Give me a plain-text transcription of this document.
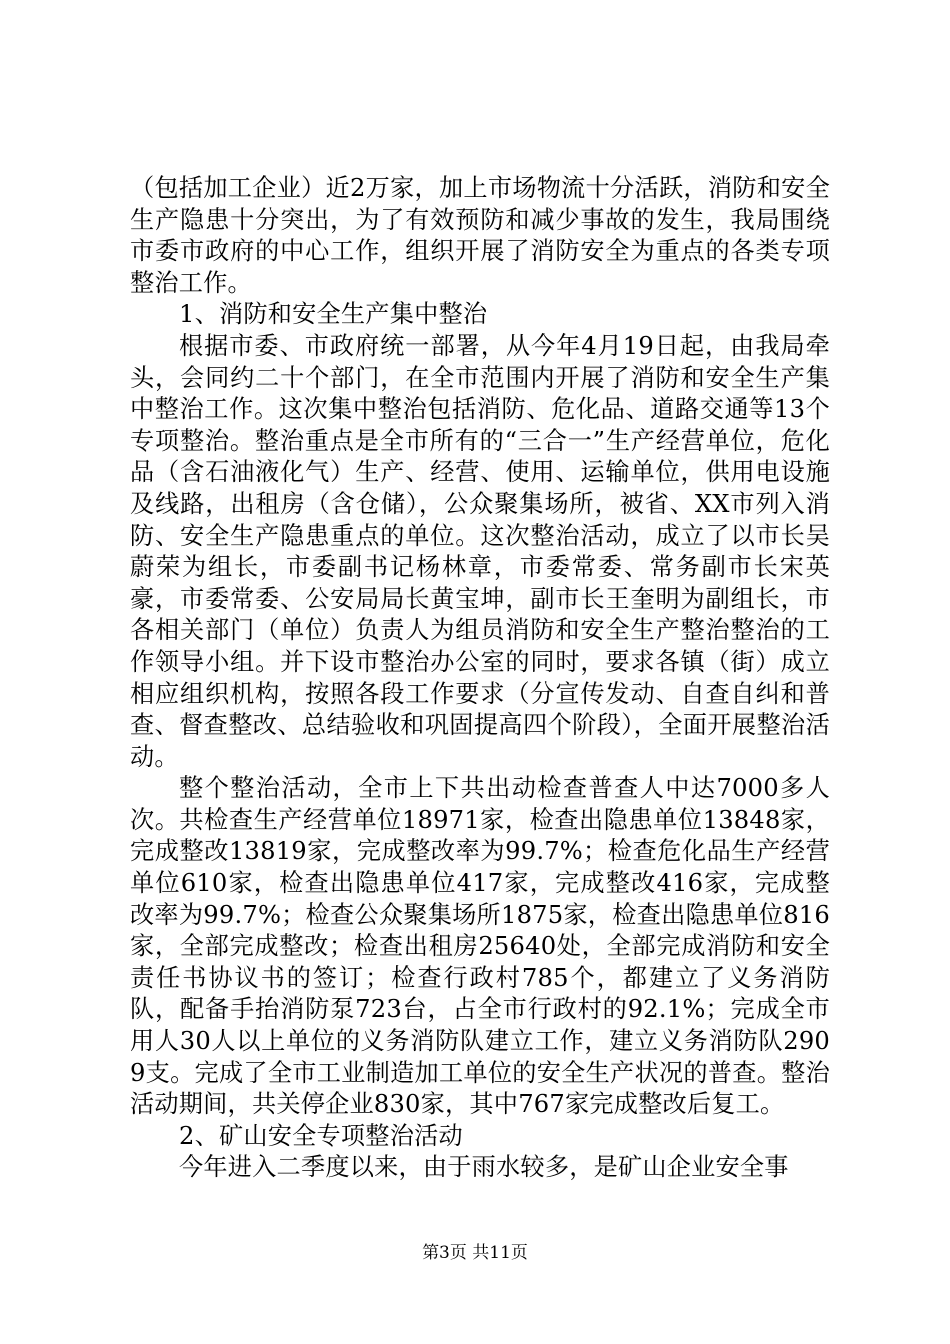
（包括加工企业）近2万家，加上市场物流十分活跃，消防和安全生产隐患十分突出，为了有效预防和减少事故的发生，我局围绕市委市政府的中心工作，组织开展了消防安全为重点的各类专项整治工作。

1、消防和安全生产集中整治

根据市委、市政府统一部署，从今年4月19日起，由我局牵头，会同约二十个部门，在全市范围内开展了消防和安全生产集中整治工作。这次集中整治包括消防、危化品、道路交通等13个专项整治。整治重点是全市所有的“三合一”生产经营单位，危化品（含石油液化气）生产、经营、使用、运输单位，供用电设施及线路，出租房（含仓储），公众聚集场所，被省、XX市列入消防、安全生产隐患重点的单位。这次整治活动，成立了以市长吴蔚荣为组长，市委副书记杨林章，市委常委、常务副市长宋英豪，市委常委、公安局局长黄宝坤，副市长王奎明为副组长，市各相关部门（单位）负责人为组员消防和安全生产整治整治的工作领导小组。并下设市整治办公室的同时，要求各镇（街）成立相应组织机构，按照各段工作要求（分宣传发动、自查自纠和普查、督查整改、总结验收和巩固提高四个阶段），全面开展整治活动。

整个整治活动，全市上下共出动检查普查人中达7000多人次。共检查生产经营单位18971家，检查出隐患单位13848家，完成整改13819家，完成整改率为99.7%；检查危化品生产经营单位610家，检查出隐患单位417家，完成整改416家，完成整改率为99.7%；检查公众聚集场所1875家，检查出隐患单位816家，全部完成整改；检查出租房25640处，全部完成消防和安全责任书协议书的签订；检查行政村785个，都建立了义务消防队，配备手抬消防泵723台，占全市行政村的92.1%；完成全市用人30人以上单位的义务消防队建立工作，建立义务消防队2909支。完成了全市工业制造加工单位的安全生产状况的普查。整治活动期间，共关停企业830家，其中767家完成整改后复工。

2、矿山安全专项整治活动

今年进入二季度以来，由于雨水较多，是矿山企业安全事

第3页 共11页
